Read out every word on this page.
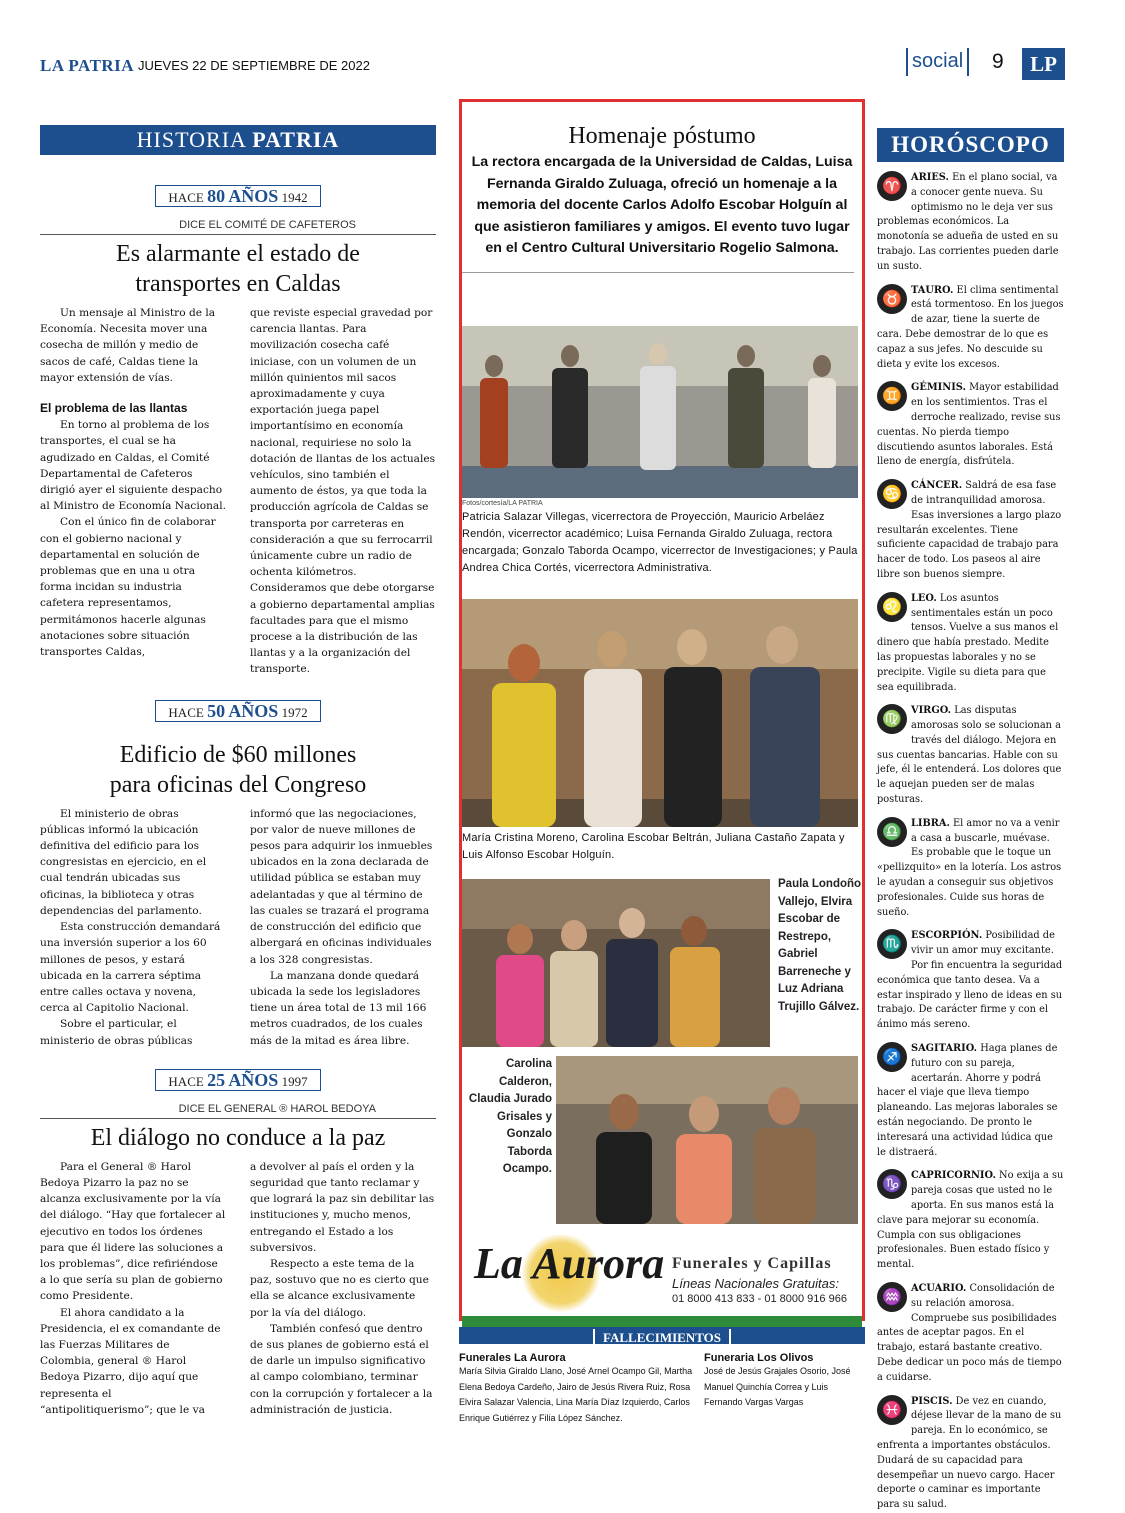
LA PATRIA JUEVES 22 DE SEPTIEMBRE DE 2022	social 9	LP
HISTORIA PATRIA
HACE 80 AÑOS 1942
DICE EL COMITÉ DE CAFETEROS
Es alarmante el estado de transportes en Caldas

Un mensaje al Ministro de la Economía. Necesita mover una cosecha de millón y medio de sacos de café, Caldas tiene la mayor extensión de vías.

El problema de las llantas

En torno al problema de los transportes, el cual se ha agudizado en Caldas, el Comité Departamental de Cafeteros dirigió ayer el siguiente despacho al Ministro de Economía Nacional.

Con el único fin de colaborar con el gobierno nacional y departamental en solución de problemas que en una u otra forma incidan su industria cafetera representamos, permitámonos hacerle algunas anotaciones sobre situación transportes Caldas,

que reviste especial gravedad por carencia llantas. Para movilización cosecha café iniciase, con un volumen de un millón quinientos mil sacos aproximadamente y cuya exportación juega papel importantísimo en economía nacional, requiriese no solo la dotación de llantas de los actuales vehículos, sino también el aumento de éstos, ya que toda la producción agrícola de Caldas se transporta por carreteras en consideración a que su ferrocarril únicamente cubre un radio de ochenta kilómetros. Consideramos que debe otorgarse a gobierno departamental amplias facultades para que el mismo procese a la distribución de las llantas y a la organización del transporte.

HACE 50 AÑOS 1972
Edificio de $60 millones para oficinas del Congreso

El ministerio de obras públicas informó la ubicación definitiva del edificio para los congresistas en ejercicio, en el cual tendrán ubicadas sus oficinas, la biblioteca y otras dependencias del parlamento.

Esta construcción demandará una inversión superior a los 60 millones de pesos, y estará ubicada en la carrera séptima entre calles octava y novena, cerca al Capitolio Nacional.

Sobre el particular, el ministerio de obras públicas

informó que las negociaciones, por valor de nueve millones de pesos para adquirir los inmuebles ubicados en la zona declarada de utilidad pública se estaban muy adelantadas y que al término de las cuales se trazará el programa de construcción del edificio que albergará en oficinas individuales a los 328 congresistas.

La manzana donde quedará ubicada la sede los legisladores tiene un área total de 13 mil 166 metros cuadrados, de los cuales más de la mitad es área libre.

HACE 25 AÑOS 1997
DICE EL GENERAL ® HAROL BEDOYA
El diálogo no conduce a la paz

Para el General ® Harol Bedoya Pizarro la paz no se alcanza exclusivamente por la vía del diálogo. “Hay que fortalecer al ejecutivo en todos los órdenes para que él lidere las soluciones a los problemas”, dice refiriéndose a lo que sería su plan de gobierno como Presidente.

El ahora candidato a la Presidencia, el ex comandante de las Fuerzas Militares de Colombia, general ® Harol Bedoya Pizarro, dijo aquí que representa el “antipolitiquerismo”; que le va

a devolver al país el orden y la seguridad que tanto reclamar y que logrará la paz sin debilitar las instituciones y, mucho menos, entregando el Estado a los subversivos.

Respecto a este tema de la paz, sostuvo que no es cierto que ella se alcance exclusivamente por la vía del diálogo.

También confesó que dentro de sus planes de gobierno está el de darle un impulso significativo al campo colombiano, terminar con la corrupción y fortalecer a la administración de justicia.

Homenaje póstumo
La rectora encargada de la Universidad de Caldas, Luisa Fernanda Giraldo Zuluaga, ofreció un homenaje a la memoria del docente Carlos Adolfo Escobar Holguín al que asistieron familiares y amigos. El evento tuvo lugar en el Centro Cultural Universitario Rogelio Salmona.
Fotos/cortesía/LA PATRIA
Patricia Salazar Villegas, vicerrectora de Proyección, Mauricio Arbeláez Rendón, vicerrector académico; Luisa Fernanda Giraldo Zuluaga, rectora encargada; Gonzalo Taborda Ocampo, vicerrector de Investigaciones; y Paula Andrea Chica Cortés, vicerrectora Administrativa.
María Cristina Moreno, Carolina Escobar Beltrán, Juliana Castaño Zapata y Luis Alfonso Escobar Holguín.
Paula Londoño Vallejo, Elvira Escobar de Restrepo, Gabriel Barreneche y Luz Adriana Trujillo Gálvez.
Carolina Calderon, Claudia Jurado Grisales y Gonzalo Taborda Ocampo.
La Aurora Funerales y Capillas
Líneas Nacionales Gratuitas:
01 8000 413 833 - 01 8000 916 966
FALLECIMIENTOS
Funerales La Aurora
María Silvia Giraldo Llano, José Arnel Ocampo Gil, Martha Elena Bedoya Cardeño, Jairo de Jesús Rivera Ruiz, Rosa Elvira Salazar Valencia, Lina María Díaz Izquierdo, Carlos Enrique Gutiérrez y Filia López Sánchez.
Funeraria Los Olivos
José de Jesús Grajales Osorio, José Manuel Quinchía Correa y Luis Fernando Vargas Vargas
HORÓSCOPO
♈ ARIES. En el plano social, va a conocer gente nueva. Su optimismo no le deja ver sus problemas económicos. La monotonía se adueña de usted en su trabajo. Las corrientes pueden darle un susto.
♉ TAURO. El clima sentimental está tormentoso. En los juegos de azar, tiene la suerte de cara. Debe demostrar de lo que es capaz a sus jefes. No descuide su dieta y evite los excesos.
♊ GÉMINIS. Mayor estabilidad en los sentimientos. Tras el derroche realizado, revise sus cuentas. No pierda tiempo discutiendo asuntos laborales. Está lleno de energía, disfrútela.
♋ CÁNCER. Saldrá de esa fase de intranquilidad amorosa. Esas inversiones a largo plazo resultarán excelentes. Tiene suficiente capacidad de trabajo para hacer de todo. Los paseos al aire libre son buenos siempre.
♌ LEO. Los asuntos sentimentales están un poco tensos. Vuelve a sus manos el dinero que había prestado. Medite las propuestas laborales y no se precipite. Vigile su dieta para que sea equilibrada.
♍ VIRGO. Las disputas amorosas solo se solucionan a través del diálogo. Mejora en sus cuentas bancarias. Hable con su jefe, él le entenderá. Los dolores que le aquejan pueden ser de malas posturas.
♎ LIBRA. El amor no va a venir a casa a buscarle, muévase. Es probable que le toque un «pellizquito» en la lotería. Los astros le ayudan a conseguir sus objetivos profesionales. Cuide sus horas de sueño.
♏ ESCORPIÓN. Posibilidad de vivir un amor muy excitante. Por fin encuentra la seguridad económica que tanto desea. Va a estar inspirado y lleno de ideas en su trabajo. De carácter firme y con el ánimo más sereno.
♐ SAGITARIO. Haga planes de futuro con su pareja, acertarán. Ahorre y podrá hacer el viaje que lleva tiempo planeando. Las mejoras laborales se están negociando. De pronto le interesará una actividad lúdica que le distraerá.
♑ CAPRICORNIO. No exija a su pareja cosas que usted no le aporta. En sus manos está la clave para mejorar su economía. Cumpla con sus obligaciones profesionales. Buen estado físico y mental.
♒ ACUARIO. Consolidación de su relación amorosa. Compruebe sus posibilidades antes de aceptar pagos. En el trabajo, estará bastante creativo. Debe dedicar un poco más de tiempo a cuidarse.
♓ PISCIS. De vez en cuando, déjese llevar de la mano de su pareja. En lo económico, se enfrenta a importantes obstáculos. Dudará de su capacidad para desempeñar un nuevo cargo. Hacer deporte o caminar es importante para su salud.
